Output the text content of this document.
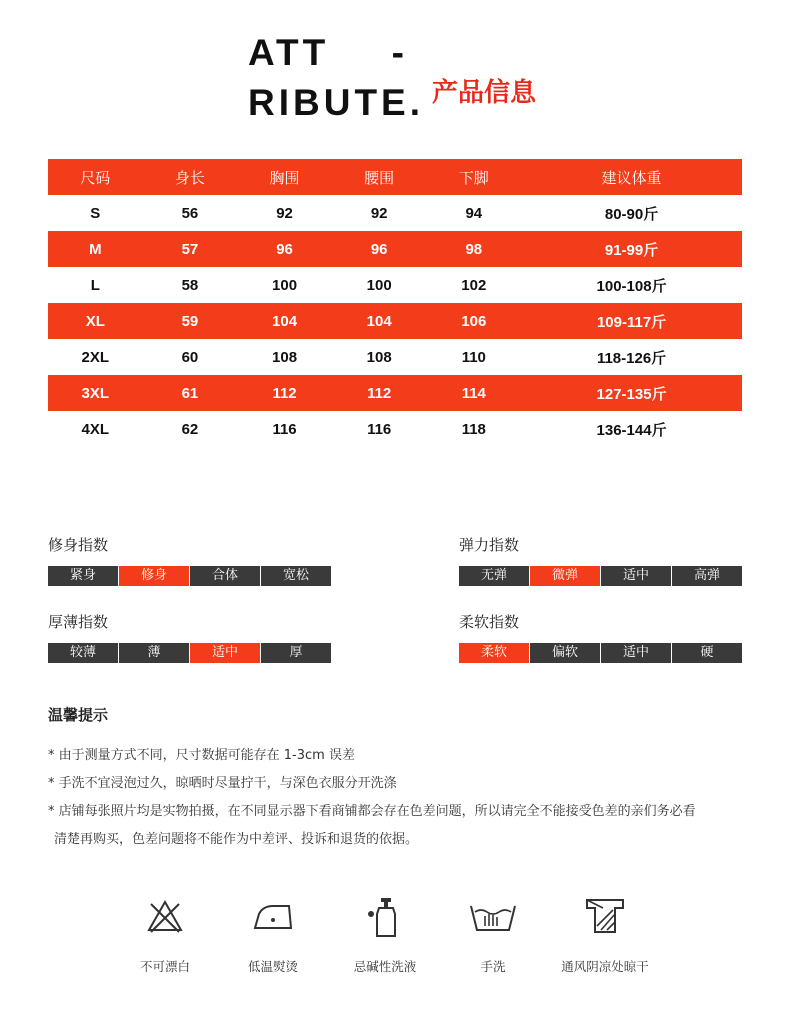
ATT -
RIBUTE. 产品信息
尺码	身长	胸围	腰围	下脚	建议体重
S	56	92	92	94	80-90斤
M	57	96	96	98	91-99斤
L	58	100	100	102	100-108斤
XL	59	104	104	106	109-117斤
2XL	60	108	108	110	118-126斤
3XL	61	112	112	114	127-135斤
4XL	62	116	116	118	136-144斤
修身指数
紧身	修身	合体	宽松
弹力指数
无弹	微弹	适中	高弹
厚薄指数
较薄	薄	适中	厚
柔软指数
柔软	偏软	适中	硬
温馨提示
* 由于测量方式不同，尺寸数据可能存在 1-3cm 误差
* 手洗不宜浸泡过久，晾晒时尽量拧干，与深色衣服分开洗涤
* 店铺每张照片均是实物拍摄，在不同显示器下看商铺都会存在色差问题，所以请完全不能接受色差的亲们务必看
清楚再购买，色差问题将不能作为中差评、投诉和退货的依据。
不可漂白	低温熨烫	忌碱性洗液	手洗	通风阴凉处晾干
